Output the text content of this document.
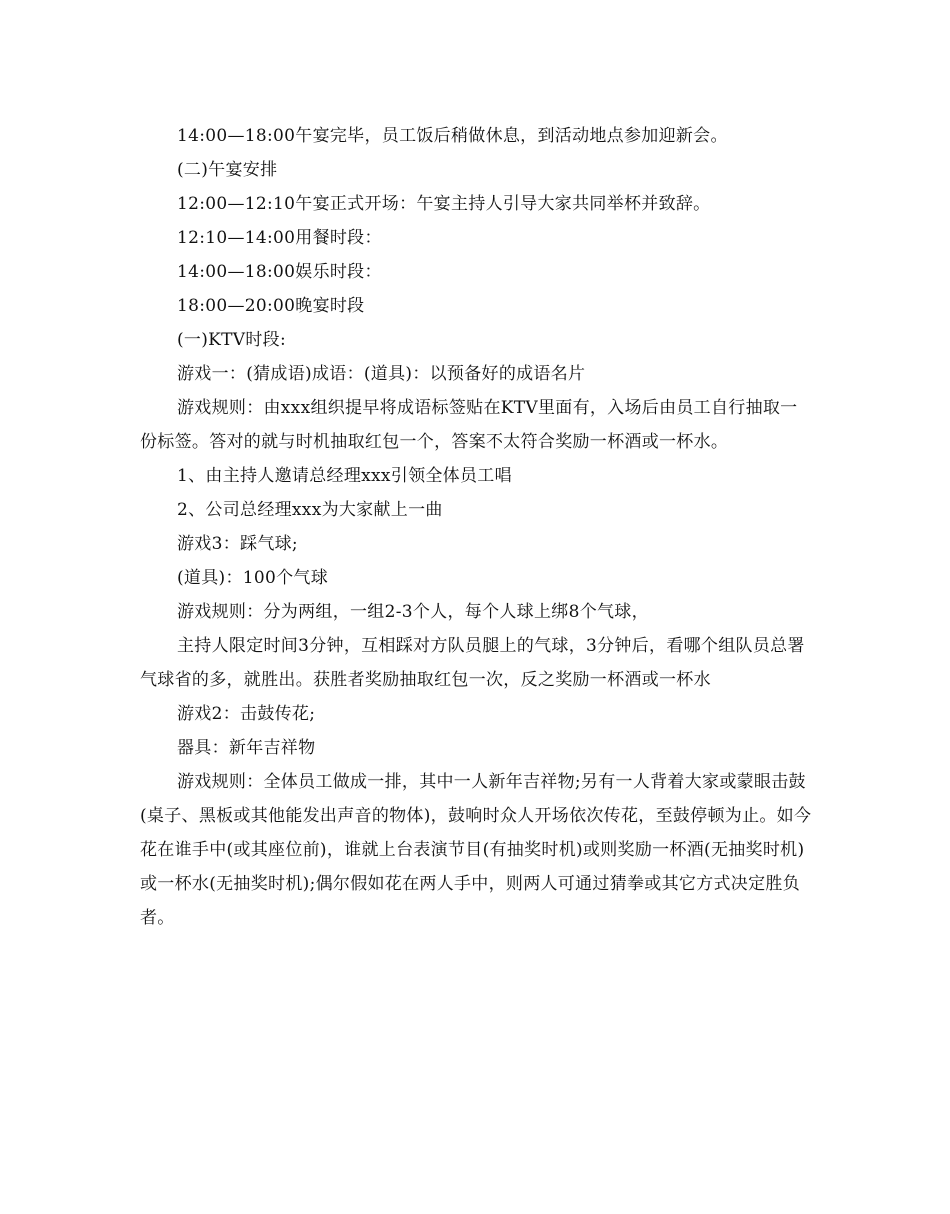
14:00—18:00午宴完毕，员工饭后稍做休息，到活动地点参加迎新会。

(二)午宴安排

12:00—12:10午宴正式开场：午宴主持人引导大家共同举杯并致辞。

12:10—14:00用餐时段：

14:00—18:00娱乐时段：

18:00—20:00晚宴时段

(一)KTV时段:

游戏一：(猜成语)成语：(道具)：以预备好的成语名片

游戏规则：由xxx组织提早将成语标签贴在KTV里面有，入场后由员工自行抽取一份标签。答对的就与时机抽取红包一个，答案不太符合奖励一杯酒或一杯水。

1、由主持人邀请总经理xxx引领全体员工唱

2、公司总经理xxx为大家献上一曲

游戏3：踩气球;

(道具)：100个气球

游戏规则：分为两组，一组2-3个人，每个人球上绑8个气球，

主持人限定时间3分钟，互相踩对方队员腿上的气球，3分钟后，看哪个组队员总署气球省的多，就胜出。获胜者奖励抽取红包一次，反之奖励一杯酒或一杯水

游戏2：击鼓传花;

器具：新年吉祥物

游戏规则：全体员工做成一排，其中一人新年吉祥物;另有一人背着大家或蒙眼击鼓(桌子、黑板或其他能发出声音的物体)，鼓响时众人开场依次传花，至鼓停顿为止。如今花在谁手中(或其座位前)，谁就上台表演节目(有抽奖时机)或则奖励一杯酒(无抽奖时机)或一杯水(无抽奖时机);偶尔假如花在两人手中，则两人可通过猜拳或其它方式决定胜负者。
